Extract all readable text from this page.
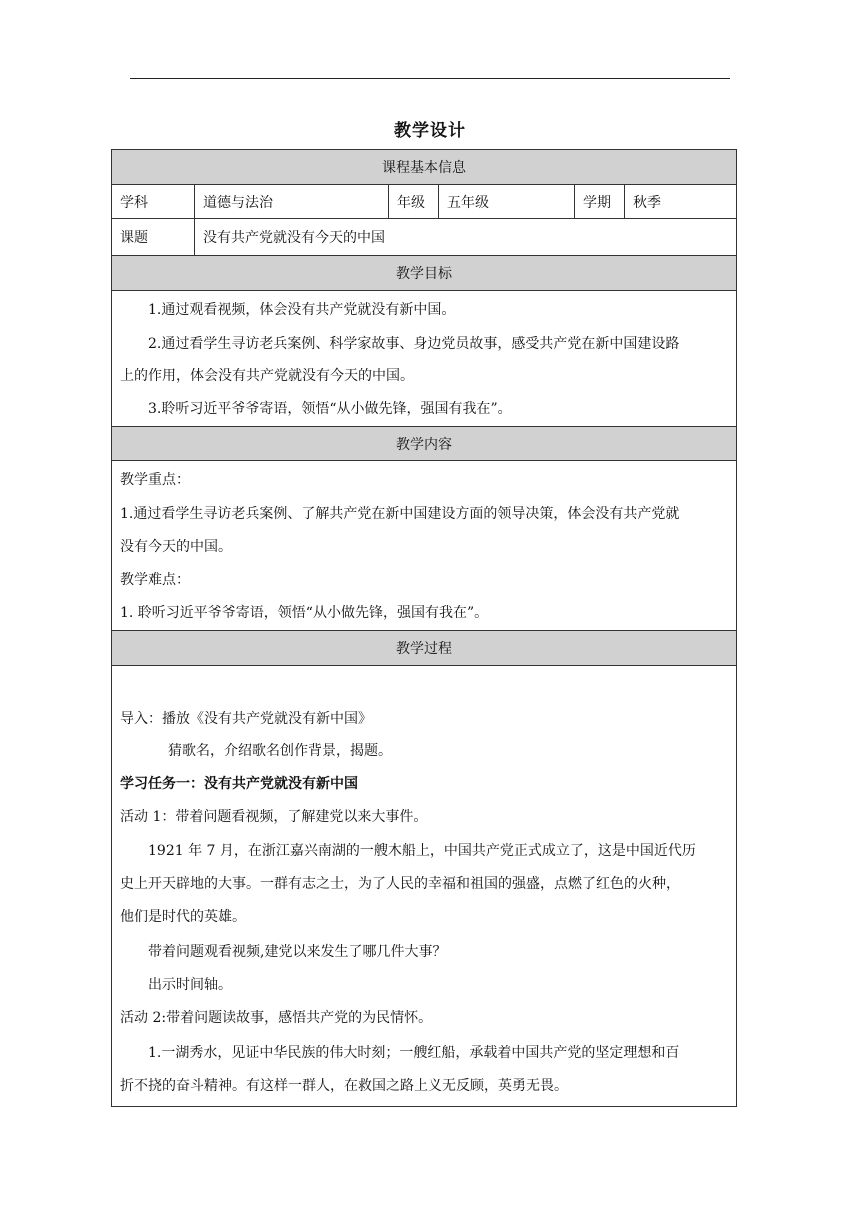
教学设计
课程基本信息
学科	道德与法治	年级 五年级	学期 秋季
课题	没有共产党就没有今天的中国
教学目标
1.通过观看视频，体会没有共产党就没有新中国。
2.通过看学生寻访老兵案例、科学家故事、身边党员故事，感受共产党在新中国建设路
上的作用，体会没有共产党就没有今天的中国。
3.聆听习近平爷爷寄语，领悟“从小做先锋，强国有我在”。
教学内容
教学重点：
1.通过看学生寻访老兵案例、了解共产党在新中国建设方面的领导决策，体会没有共产党就
没有今天的中国。
教学难点：
1. 聆听习近平爷爷寄语，领悟“从小做先锋，强国有我在”。
教学过程
导入：播放《没有共产党就没有新中国》
猜歌名，介绍歌名创作背景，揭题。
学习任务一：没有共产党就没有新中国
活动 1：带着问题看视频，了解建党以来大事件。
1921 年 7 月，在浙江嘉兴南湖的一艘木船上，中国共产党正式成立了，这是中国近代历
史上开天辟地的大事。一群有志之士，为了人民的幸福和祖国的强盛，点燃了红色的火种，
他们是时代的英雄。
带着问题观看视频,建党以来发生了哪几件大事？
出示时间轴。
活动 2:带着问题读故事，感悟共产党的为民情怀。
1.一湖秀水，见证中华民族的伟大时刻；一艘红船，承载着中国共产党的坚定理想和百
折不挠的奋斗精神。有这样一群人，在救国之路上义无反顾，英勇无畏。
